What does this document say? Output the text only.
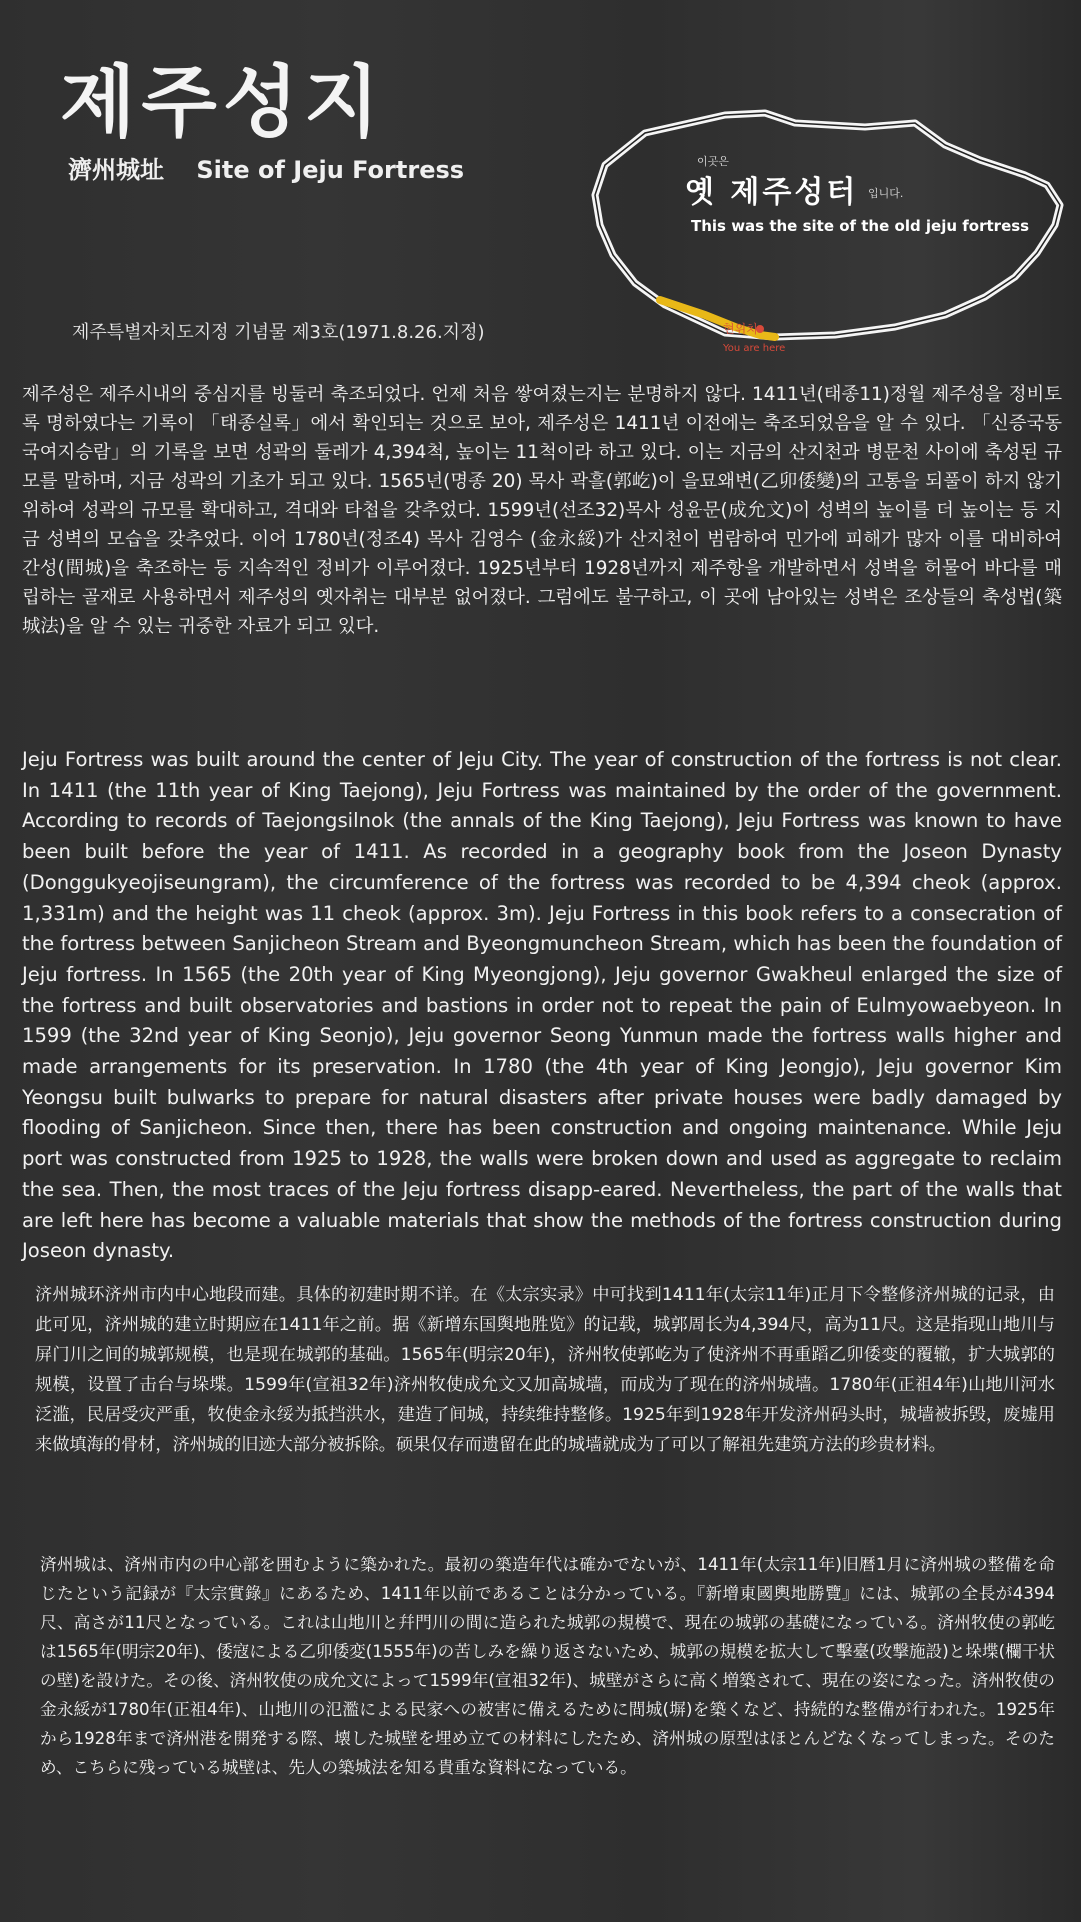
제주성지
濟州城址 Site of Jeju Fortress
제주특별자치도지정 기념물 제3호(1971.8.26.지정)
이곳은
옛 제주성터 입니다.
This was the site of the old jeju fortress
현위치
You are here

제주성은 제주시내의 중심지를 빙둘러 축조되었다. 언제 처음 쌓여졌는지는 분명하지 않다. 1411년(태종11)정월 제주성을 정비토록 명하였다는 기록이 「태종실록」에서 확인되는 것으로 보아, 제주성은 1411년 이전에는 축조되었음을 알 수 있다. 「신증국동국여지승람」의 기록을 보면 성곽의 둘레가 4,394척, 높이는 11척이라 하고 있다. 이는 지금의 산지천과 병문천 사이에 축성된 규모를 말하며, 지금 성곽의 기초가 되고 있다. 1565년(명종 20) 목사 곽흘(郭屹)이 을묘왜변(乙卯倭變)의 고통을 되풀이 하지 않기 위하여 성곽의 규모를 확대하고, 격대와 타첩을 갖추었다. 1599년(선조32)목사 성윤문(成允文)이 성벽의 높이를 더 높이는 등 지금 성벽의 모습을 갖추었다. 이어 1780년(정조4) 목사 김영수 (金永綏)가 산지천이 범람하여 민가에 피해가 많자 이를 대비하여 간성(間城)을 축조하는 등 지속적인 정비가 이루어졌다. 1925년부터 1928년까지 제주항을 개발하면서 성벽을 허물어 바다를 매립하는 골재로 사용하면서 제주성의 옛자취는 대부분 없어졌다. 그럼에도 불구하고, 이 곳에 남아있는 성벽은 조상들의 축성법(築城法)을 알 수 있는 귀중한 자료가 되고 있다.

Jeju Fortress was built around the center of Jeju City. The year of construction of the fortress is not clear. In 1411 (the 11th year of King Taejong), Jeju Fortress was maintained by the order of the government. According to records of Taejongsilnok (the annals of the King Taejong), Jeju Fortress was known to have been built before the year of 1411. As recorded in a geography book from the Joseon Dynasty (Donggukyeojiseungram), the circumference of the fortress was recorded to be 4,394 cheok (approx. 1,331m) and the height was 11 cheok (approx. 3m). Jeju Fortress in this book refers to a consecration of the fortress between Sanjicheon Stream and Byeongmuncheon Stream, which has been the foundation of Jeju fortress. In 1565 (the 20th year of King Myeongjong), Jeju governor Gwakheul enlarged the size of the fortress and built observatories and bastions in order not to repeat the pain of Eulmyowaebyeon. In 1599 (the 32nd year of King Seonjo), Jeju governor Seong Yunmun made the fortress walls higher and made arrangements for its preservation. In 1780 (the 4th year of King Jeongjo), Jeju governor Kim Yeongsu built bulwarks to prepare for natural disasters after private houses were badly damaged by flooding of Sanjicheon. Since then, there has been construction and ongoing maintenance. While Jeju port was constructed from 1925 to 1928, the walls were broken down and used as aggregate to reclaim the sea. Then, the most traces of the Jeju fortress disapp-eared. Nevertheless, the part of the walls that are left here has become a valuable materials that show the methods of the fortress construction during Joseon dynasty.

济州城环济州市内中心地段而建。具体的初建时期不详。在《太宗实录》中可找到1411年(太宗11年)正月下令整修济州城的记录，由此可见，济州城的建立时期应在1411年之前。据《新增东国舆地胜览》的记载，城郭周长为4,394尺，高为11尺。这是指现山地川与屏门川之间的城郭规模，也是现在城郭的基础。1565年(明宗20年)，济州牧使郭屹为了使济州不再重蹈乙卯倭变的覆辙，扩大城郭的规模，设置了击台与垛堞。1599年(宣祖32年)济州牧使成允文又加高城墙，而成为了现在的济州城墙。1780年(正祖4年)山地川河水泛滥，民居受灾严重，牧使金永绥为抵挡洪水，建造了间城，持续维持整修。1925年到1928年开发济州码头时，城墙被拆毁，废墟用来做填海的骨材，济州城的旧迹大部分被拆除。硕果仅存而遗留在此的城墙就成为了可以了解祖先建筑方法的珍贵材料。

済州城は、済州市内の中心部を囲むように築かれた。最初の築造年代は確かでないが、1411年(太宗11年)旧暦1月に済州城の整備を命じたという記録が『太宗實錄』にあるため、1411年以前であることは分かっている。『新增東國輿地勝覽』には、城郭の全長が4394尺、高さが11尺となっている。これは山地川と幷門川の間に造られた城郭の規模で、現在の城郭の基礎になっている。済州牧使の郭屹は1565年(明宗20年)、倭寇による乙卯倭変(1555年)の苦しみを繰り返さないため、城郭の規模を拡大して擊臺(攻撃施設)と垛堞(欄干状の壁)を設けた。その後、済州牧使の成允文によって1599年(宣祖32年)、城壁がさらに高く増築されて、現在の姿になった。済州牧使の金永綏が1780年(正祖4年)、山地川の氾濫による民家への被害に備えるために間城(塀)を築くなど、持続的な整備が行われた。1925年から1928年まで済州港を開発する際、壊した城壁を埋め立ての材料にしたため、済州城の原型はほとんどなくなってしまった。そのため、こちらに残っている城壁は、先人の築城法を知る貴重な資料になっている。
